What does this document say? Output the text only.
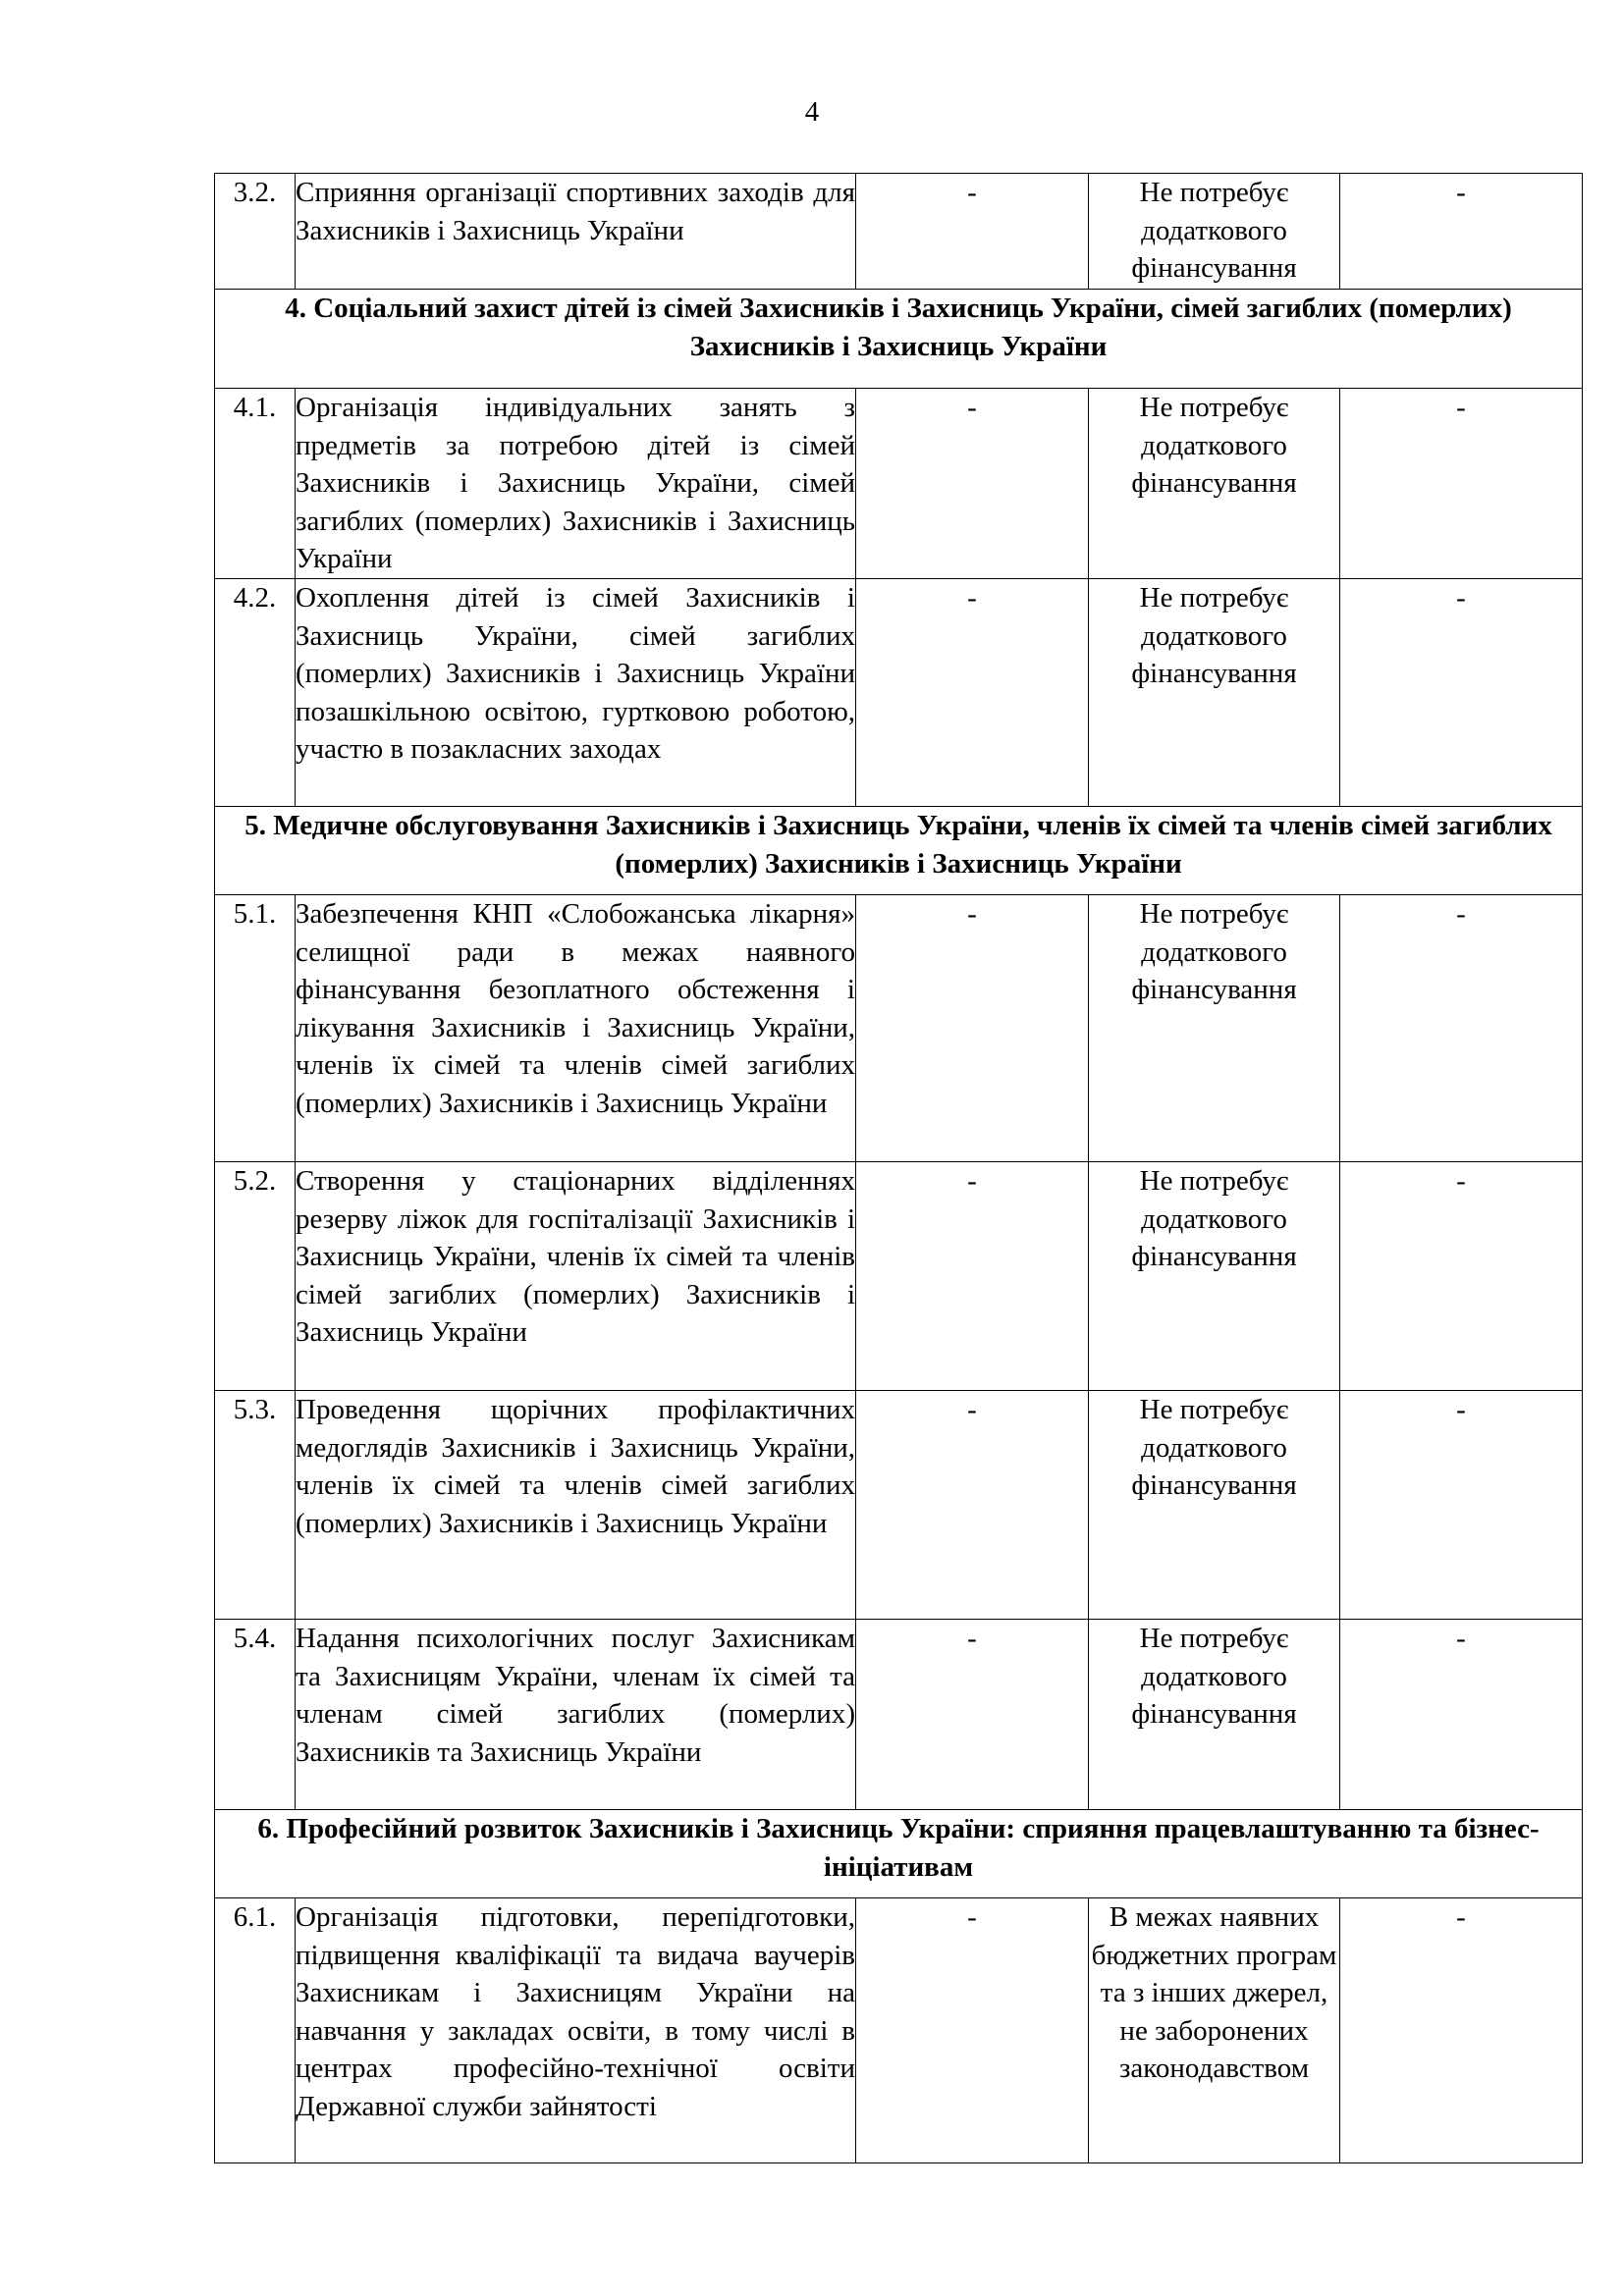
4
3.2.	Сприяння організації спортивних заходів для Захисників і Захисниць України	-	Не потребує додаткового фінансування	-
4. Соціальний захист дітей із сімей Захисників і Захисниць України, сімей загиблих (померлих) Захисників і Захисниць України				
4.1.	Організація індивідуальних занять з предметів за потребою дітей із сімей Захисників і Захисниць України, сімей загиблих (померлих) Захисників і Захисниць України	-	Не потребує додаткового фінансування	-
4.2.	Охоплення дітей із сімей Захисників і Захисниць України, сімей загиблих (померлих) Захисників і Захисниць України позашкільною освітою, гуртковою роботою, участю в позакласних заходах	-	Не потребує додаткового фінансування	-
5. Медичне обслуговування Захисників і Захисниць України, членів їх сімей та членів сімей загиблих (померлих) Захисників і Захисниць України				
5.1.	Забезпечення КНП «Слобожанська лікарня» селищної ради в межах наявного фінансування безоплатного обстеження і лікування Захисників і Захисниць України, членів їх сімей та членів сімей загиблих (померлих) Захисників і Захисниць України	-	Не потребує додаткового фінансування	-
5.2.	Створення у стаціонарних відділеннях резерву ліжок для госпіталізації Захисників і Захисниць України, членів їх сімей та членів сімей загиблих (померлих) Захисників і Захисниць України	-	Не потребує додаткового фінансування	-
5.3.	Проведення щорічних профілактичних медоглядів Захисників і Захисниць України, членів їх сімей та членів сімей загиблих (померлих) Захисників і Захисниць України	-	Не потребує додаткового фінансування	-
5.4.	Надання психологічних послуг Захисникам та Захисницям України, членам їх сімей та членам сімей загиблих (померлих) Захисників та Захисниць України	-	Не потребує додаткового фінансування	-
6. Професійний розвиток Захисників і Захисниць України: сприяння працевлаштуванню та бізнес-ініціативам				
6.1.	Організація підготовки, перепідготовки, підвищення кваліфікації та видача ваучерів Захисникам і Захисницям України на навчання у закладах освіти, в тому числі в центрах професійно-технічної освіти Державної служби зайнятості	-	В межах наявних бюджетних програм та з інших джерел, не заборонених законодавством	-
